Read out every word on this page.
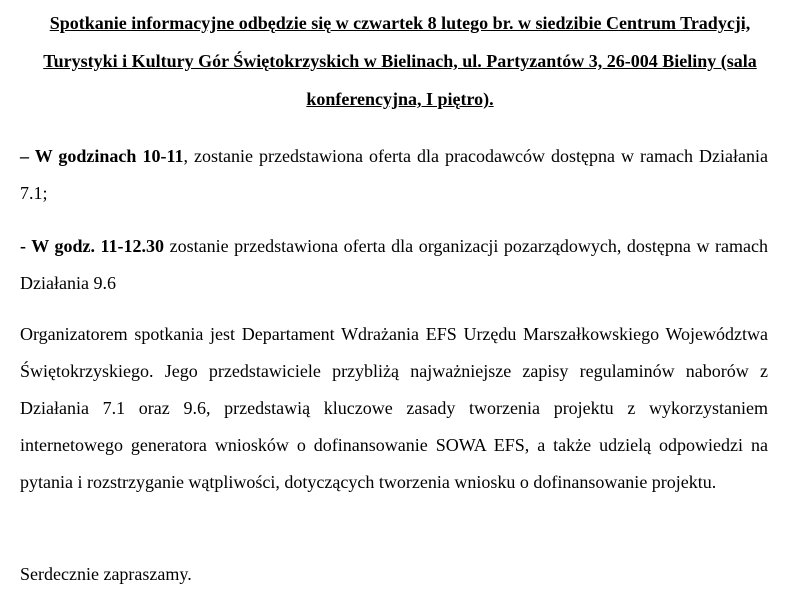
Spotkanie informacyjne odbędzie się w czwartek 8 lutego br. w siedzibie Centrum Tradycji, Turystyki i Kultury Gór Świętokrzyskich w Bielinach, ul. Partyzantów 3, 26-004 Bieliny (sala konferencyjna, I piętro).
– W godzinach 10-11, zostanie przedstawiona oferta dla pracodawców dostępna w ramach Działania 7.1;
- W godz. 11-12.30 zostanie przedstawiona oferta dla organizacji pozarządowych, dostępna w ramach Działania 9.6
Organizatorem spotkania jest Departament Wdrażania EFS Urzędu Marszałkowskiego Województwa Świętokrzyskiego. Jego przedstawiciele przybliżą najważniejsze zapisy regulaminów naborów z Działania 7.1 oraz 9.6, przedstawią kluczowe zasady tworzenia projektu z wykorzystaniem internetowego generatora wniosków o dofinansowanie SOWA EFS, a także udzielą odpowiedzi na pytania i rozstrzyganie wątpliwości, dotyczących tworzenia wniosku o dofinansowanie projektu.
Serdecznie zapraszamy.
